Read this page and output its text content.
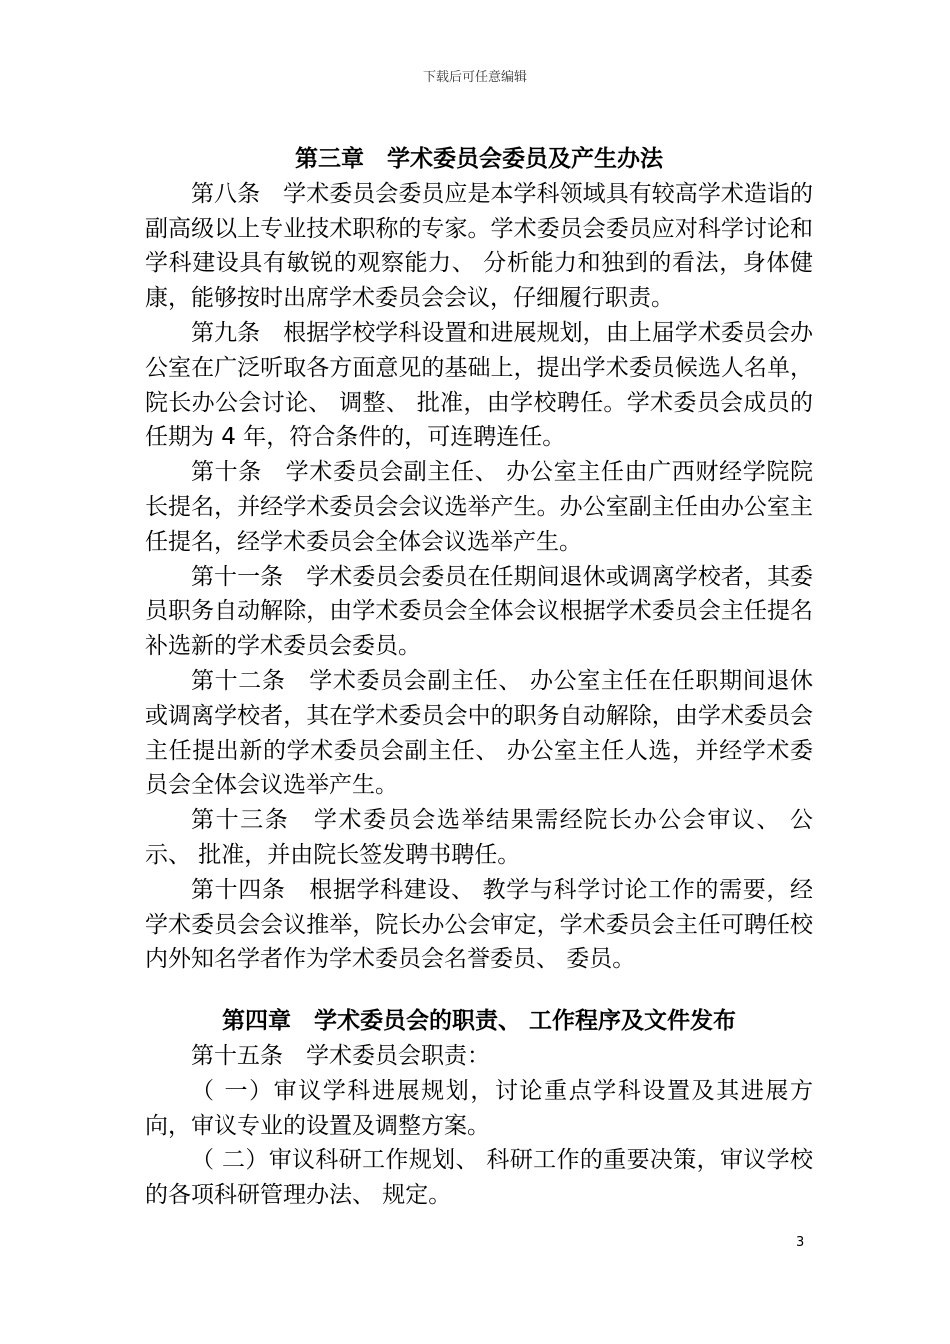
下载后可任意编辑
第三章　学术委员会委员及产生办法

第八条　学术委员会委员应是本学科领域具有较高学术造诣的副高级以上专业技术职称的专家。学术委员会委员应对科学讨论和学科建设具有敏锐的观察能力、 分析能力和独到的看法，身体健康，能够按时出席学术委员会会议，仔细履行职责。

第九条　根据学校学科设置和进展规划，由上届学术委员会办公室在广泛听取各方面意见的基础上，提出学术委员候选人名单，院长办公会讨论、 调整、 批准，由学校聘任。学术委员会成员的任期为 4 年，符合条件的，可连聘连任。

第十条　学术委员会副主任、 办公室主任由广西财经学院院长提名，并经学术委员会会议选举产生。办公室副主任由办公室主任提名，经学术委员会全体会议选举产生。

第十一条　学术委员会委员在任期间退休或调离学校者，其委员职务自动解除，由学术委员会全体会议根据学术委员会主任提名补选新的学术委员会委员。

第十二条　学术委员会副主任、 办公室主任在任职期间退休或调离学校者，其在学术委员会中的职务自动解除，由学术委员会主任提出新的学术委员会副主任、 办公室主任人选，并经学术委员会全体会议选举产生。

第十三条　学术委员会选举结果需经院长办公会审议、 公示、 批准，并由院长签发聘书聘任。

第十四条　根据学科建设、 教学与科学讨论工作的需要，经学术委员会会议推举，院长办公会审定，学术委员会主任可聘任校内外知名学者作为学术委员会名誉委员、 委员。

第四章　学术委员会的职责、 工作程序及文件发布

第十五条　学术委员会职责：

（ 一）审议学科进展规划，讨论重点学科设置及其进展方向，审议专业的设置及调整方案。

（ 二）审议科研工作规划、 科研工作的重要决策，审议学校的各项科研管理办法、 规定。

3
